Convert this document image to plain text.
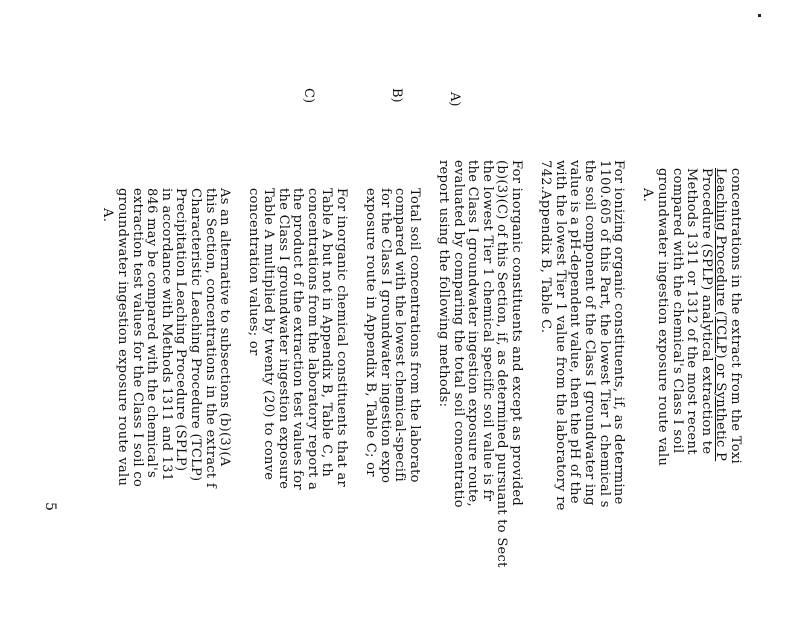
concentrations in the extract from the Toxi
Leaching Procedure (TCLP) or Synthetic P
Procedure (SPLP) analytical extraction te
Methods 1311 or 1312 of the most recent
compared with the chemical's Class I soil
groundwater ingestion exposure route valu
A.
For ionizing organic constituents, if, as determine
1100.605 of this Part, the lowest Tier 1 chemical s
the soil component of the Class I groundwater ing
value is a pH-dependent value, then the pH of the
with the lowest Tier 1 value from the laboratory re
742.Appendix B, Table C.
For inorganic constituents and except as provided
(b)(3)(C) of this Section, if, as determined pursuant to Sect
the lowest Tier 1 chemical specific soil value is fr
the Class I groundwater ingestion exposure route,
evaluated by comparing the total soil concentratio
report using the following methods:
Total soil concentrations from the laborato
compared with the lowest chemical-specifi
for the Class I groundwater ingestion expo
exposure route in Appendix B, Table C; or
For inorganic chemical constituents that ar
Table A but not in Appendix B, Table C, th
concentrations from the laboratory report a
the product of the extraction test values for
the Class I groundwater ingestion exposure
Table A multiplied by twenty (20) to conve
concentration values; or
As an alternative to subsections (b)(3)(A
this Section, concentrations in the extract f
Characteristic Leaching Procedure (TCLP)
Precipitation Leaching Procedure (SPLP)
in accordance with Methods 1311 and 131
846 may be compared with the chemical's
extraction test values for the Class I soil co
groundwater ingestion exposure route valu
A.
A)
B)
C)
5
